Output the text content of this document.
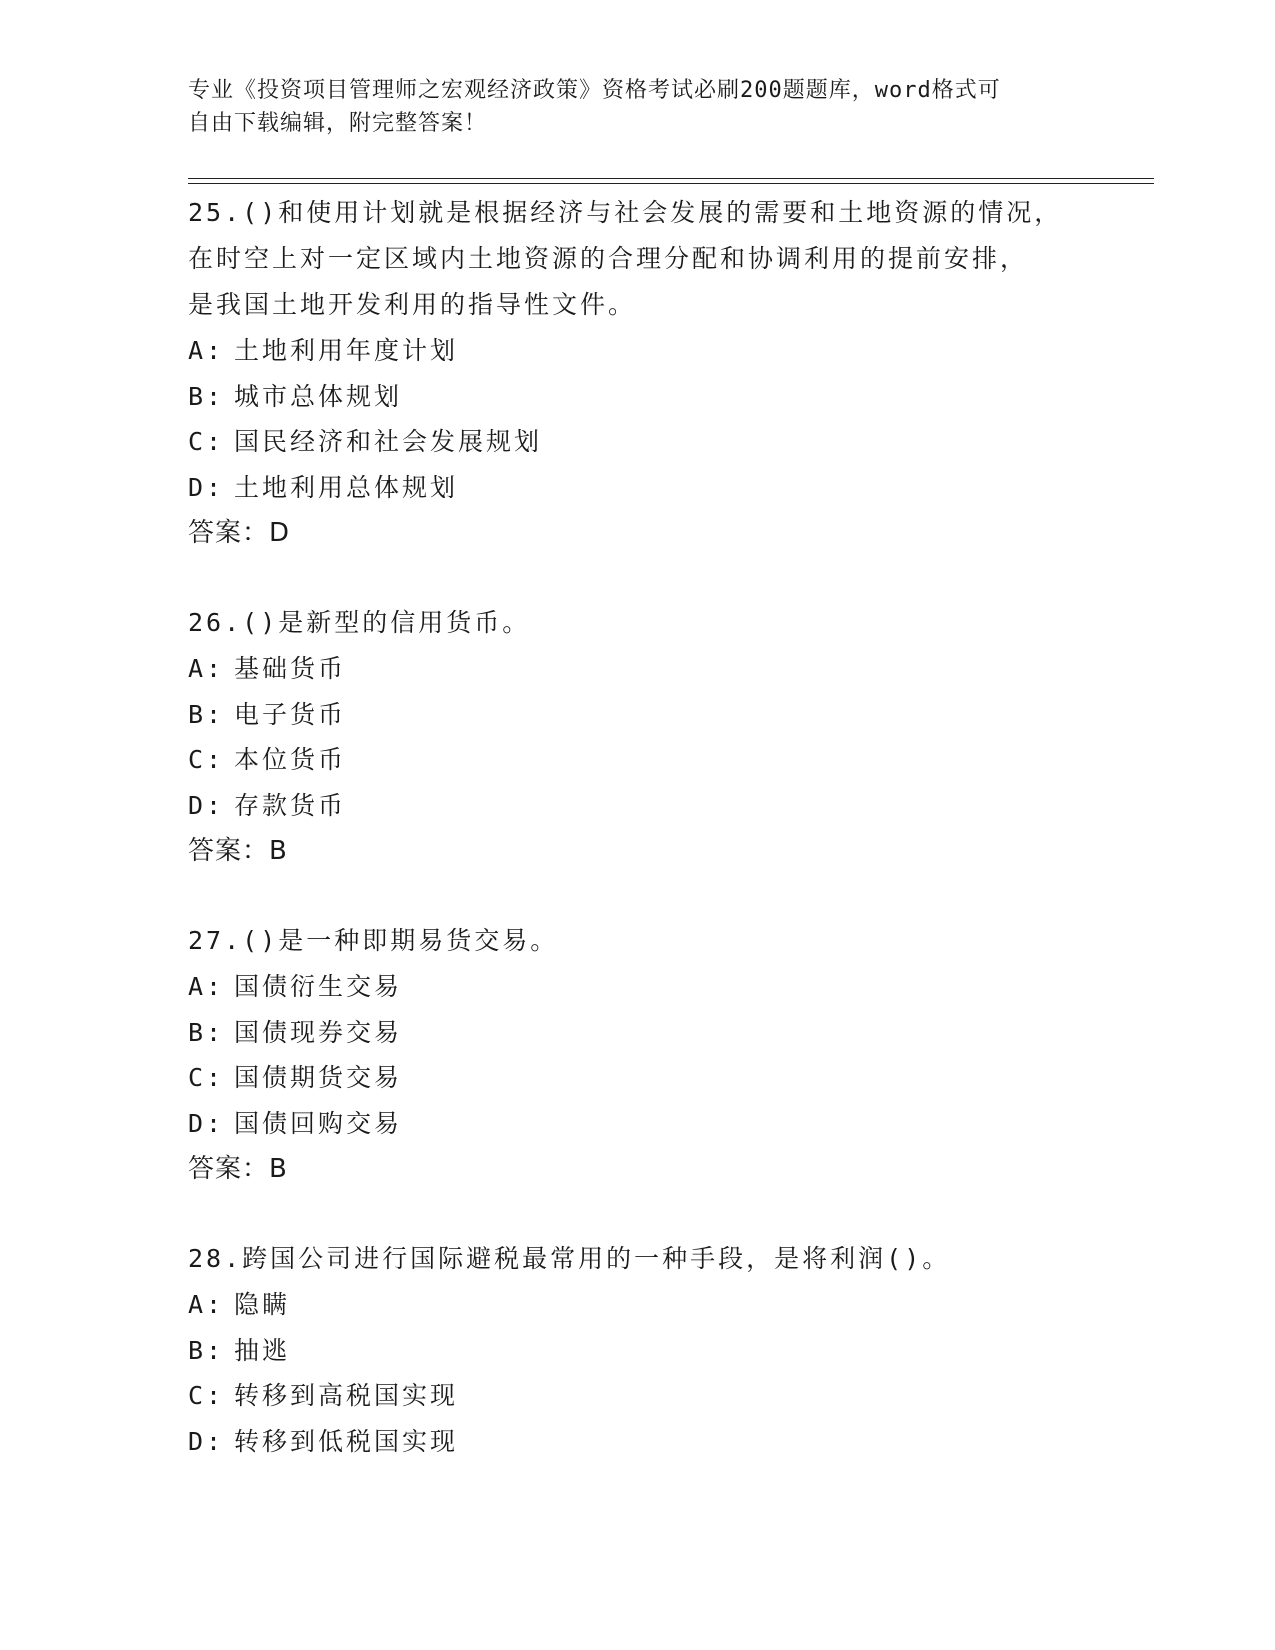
专业《投资项目管理师之宏观经济政策》资格考试必刷200题题库，word格式可
自由下载编辑，附完整答案！
25.()和使用计划就是根据经济与社会发展的需要和土地资源的情况，
在时空上对一定区域内土地资源的合理分配和协调利用的提前安排，
是我国土地开发利用的指导性文件。
A: 土地利用年度计划
B: 城市总体规划
C: 国民经济和社会发展规划
D: 土地利用总体规划
答案：D
26.()是新型的信用货币。
A: 基础货币
B: 电子货币
C: 本位货币
D: 存款货币
答案：B
27.()是一种即期易货交易。
A: 国债衍生交易
B: 国债现券交易
C: 国债期货交易
D: 国债回购交易
答案：B
28.跨国公司进行国际避税最常用的一种手段，是将利润()。
A: 隐瞒
B: 抽逃
C: 转移到高税国实现
D: 转移到低税国实现
